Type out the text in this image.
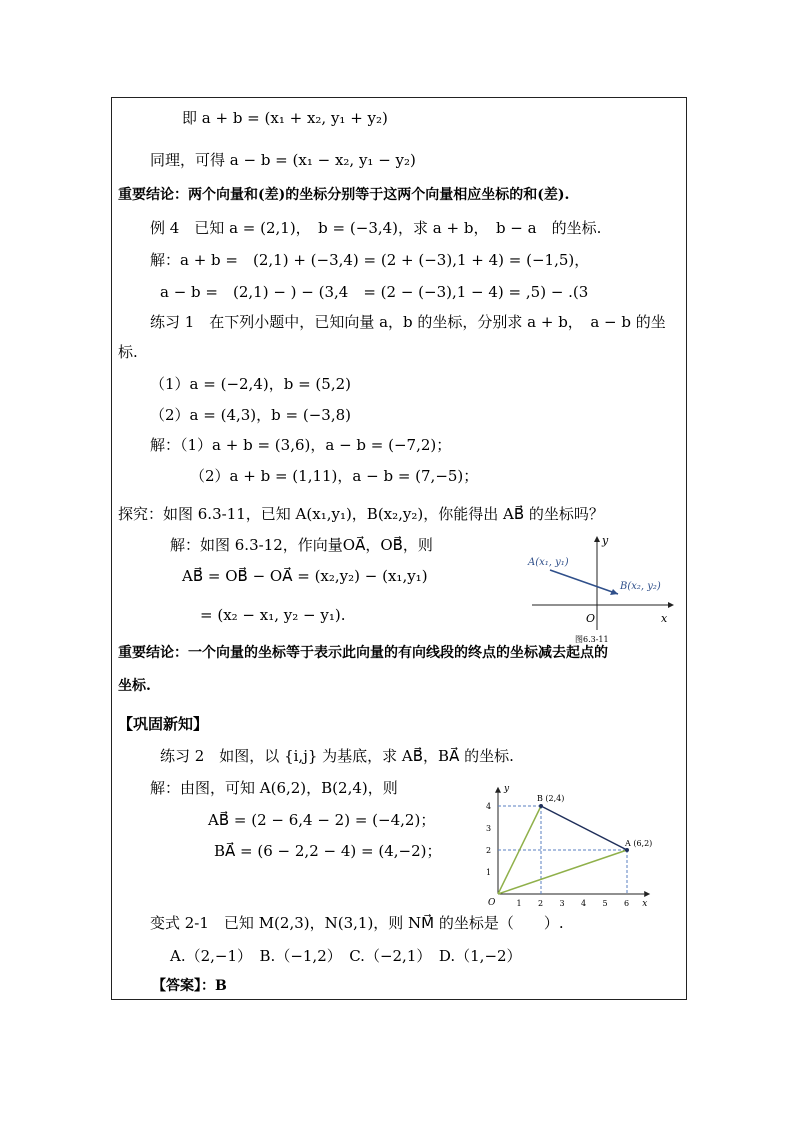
即 a + b = (x₁ + x₂, y₁ + y₂)
同理，可得 a − b = (x₁ − x₂, y₁ − y₂)
重要结论：两个向量和(差)的坐标分别等于这两个向量相应坐标的和(差).
例 4　已知 a = (2,1)，　b = (−3,4)，求 a + b，　b − a　的坐标.
解：a + b =　(2,1) + (−3,4) = (2 + (−3),1 + 4) = (−1,5)，
a − b =　(2,1) − ) − (3,4　= (2 − (−3),1 − 4) = ,5) − .(3
练习 1　在下列小题中，已知向量 a，b 的坐标，分别求 a + b，　a − b 的坐
标.
（1）a = (−2,4)，b = (5,2)
（2）a = (4,3)，b = (−3,8)
解：（1）a + b = (3,6)，a − b = (−7,2)；
（2）a + b = (1,11)，a − b = (7,−5)；
探究：如图 6.3-11，已知 A(x₁,y₁)，B(x₂,y₂)，你能得出 AB⃗ 的坐标吗？
解：如图 6.3-12，作向量OA⃗，OB⃗，则
AB⃗ = OB⃗ − OA⃗ = (x₂,y₂) − (x₁,y₁)
= (x₂ − x₁, y₂ − y₁).
重要结论：一个向量的坐标等于表示此向量的有向线段的终点的坐标减去起点的
坐标.
【巩固新知】
练习 2　如图，以 {i,j} 为基底，求 AB⃗，BA⃗ 的坐标.
解：由图，可知 A(6,2)，B(2,4)，则
AB⃗ = (2 − 6,4 − 2) = (−4,2)；
BA⃗ = (6 − 2,2 − 4) = (4,−2)；
变式 2-1　已知 M(2,3)，N(3,1)，则 NM⃗ 的坐标是（　　）.
A.（2,−1）　B.（−1,2）　C.（−2,1）　D.（1,−2）
【答案】：B
y
x
O
A(x₁, y₁)
B(x₂, y₂)
图6.3-11
1 2 3 4 5 6
1
2
3
4
y
x
O
A (6,2)
B (2,4)
